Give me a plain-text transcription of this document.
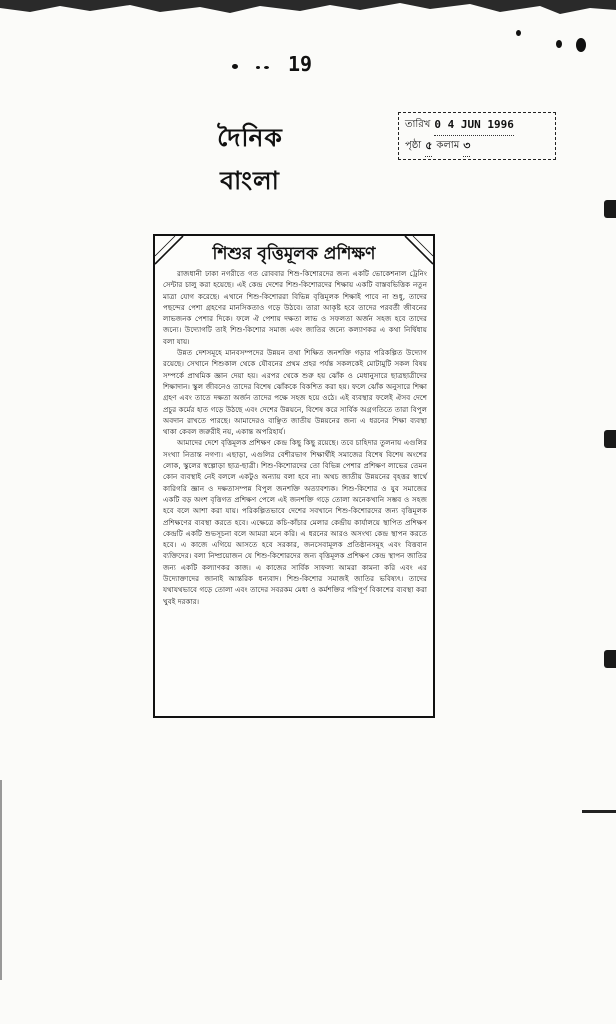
19
দৈনিক বাংলা
তারিখ 0 4 JUN 1996
পৃষ্ঠা ৫ কলাম ৩
শিশুর বৃত্তিমূলক প্রশিক্ষণ

রাজধানী ঢাকা নগরীতে গত রোববার শিশু-কিশোরদের জন্য একটি ভোকেশনাল ট্রেনিং সেন্টার চালু করা হয়েছে। এই কেন্দ্র দেশের শিশু-কিশোরদের শিক্ষায় একটি বাস্তবভিত্তিক নতুন মাত্রা যোগ করেছে। এখানে শিশু-কিশোররা বিভিন্ন বৃত্তিমূলক শিক্ষাই পাবে না শুধু, তাদের পছন্দের পেশা গ্রহণের মানসিকতাও গড়ে উঠবে। তারা আকৃষ্ট হবে তাদের পরবর্তী জীবনের লাভজনক পেশার দিকে। ফলে ঐ পেশায় দক্ষতা লাভ ও সফলতা অর্জন সহজ হবে তাদের জন্যে। উদ্যোগটি তাই শিশু-কিশোর সমাজ এবং জাতির জন্যে কল্যাণকর এ কথা নির্দ্বিধায় বলা যায়।

উন্নত দেশসমূহে মানবসম্পদের উন্নয়ন তথা শিক্ষিত জনশক্তি গড়ার পরিকল্পিত উদ্যোগ রয়েছে। সেখানে শিশুকাল থেকে যৌবনের প্রথম প্রহর পর্যন্ত সকলকেই মোটামুটি সকল বিষয় সম্পর্কে প্রাথমিক জ্ঞান দেয়া হয়। এরপর থেকে শুরু হয় ঝোঁক ও মেধানুসারে ছাত্রছাত্রীদের শিক্ষাদান। স্কুল জীবনেও তাদের বিশেষ ঝোঁককে বিকশিত করা হয়। ফলে ঝোঁক অনুসারে শিক্ষা গ্রহণ এবং তাতে দক্ষতা অর্জন তাদের পক্ষে সহজ হয়ে ওঠে। এই ব্যবস্থার ফলেই ঐসব দেশে প্রচুর কর্মের হাত গড়ে উঠছে এবং দেশের উন্নয়নে, বিশেষ করে সার্বিক অগ্রগতিতে তারা বিপুল অবদান রাখতে পারছে। আমাদেরও বাঞ্ছিত জাতীয় উন্নয়নের জন্য এ ধরনের শিক্ষা ব্যবস্থা থাকা কেবল জরুরীই নয়, একান্ত অপরিহার্য।

আমাদের দেশে বৃত্তিমূলক প্রশিক্ষণ কেন্দ্র কিছু কিছু রয়েছে। তবে চাহিদার তুলনায় এগুলির সংখ্যা নিতান্ত নগণ্য। এছাড়া, এগুলির বেশীরভাগ শিক্ষার্থীই সমাজের বিশেষ বিশেষ অংশের লোক, স্কুলের স্বল্পোড়া ছাত্র-ছাত্রী। শিশু-কিশোরদের তো বিভিন্ন পেশার প্রশিক্ষণ লাভের তেমন কোন ব্যবস্থাই নেই বললে একটুও অন্যায় বলা হবে না। অথচ জাতীয় উন্নয়নের বৃহত্তর স্বার্থে কারিগরি জ্ঞান ও দক্ষতাসম্পন্ন বিপুল জনশক্তি অত্যাবশ্যক। শিশু-কিশোর ও যুব সমাজের একটি বড় অংশ বৃত্তিগত প্রশিক্ষণ পেলে এই জনশক্তি গড়ে তোলা অনেকখানি সম্ভব ও সহজ হবে বলে আশা করা যায়। পরিকল্পিতভাবে দেশের সবখানে শিশু-কিশোরদের জন্য বৃত্তিমূলক প্রশিক্ষণের ব্যবস্থা করতে হবে। এক্ষেত্রে কচি-কাঁচার মেলার কেন্দ্রীয় কার্যালয়ে স্থাপিত প্রশিক্ষণ কেন্দ্রটি একটি শুভসূচনা বলে আমরা মনে করি। এ ধরনের আরও অসংখ্য কেন্দ্র স্থাপন করতে হবে। এ কাজে এগিয়ে আসতে হবে সরকার, জনসেবামূলক প্রতিষ্ঠানসমূহ এবং বিত্তবান ব্যক্তিদের। বলা নিষ্প্রয়োজন যে শিশু-কিশোরদের জন্য বৃত্তিমূলক প্রশিক্ষণ কেন্দ্র স্থাপন জাতির জন্য একটি কল্যাণকর কাজ। এ কাজের সার্বিক সাফল্য আমরা কামনা করি এবং এর উদ্যোক্তাদের জানাই আন্তরিক ধন্যবাদ। শিশু-কিশোর সমাজই জাতির ভবিষ্যৎ। তাদের যথাযথভাবে গড়ে তোলা এবং তাদের সবরকম মেধা ও কর্মশক্তির পরিপূর্ণ বিকাশের ব্যবস্থা করা খুবই দরকার।
